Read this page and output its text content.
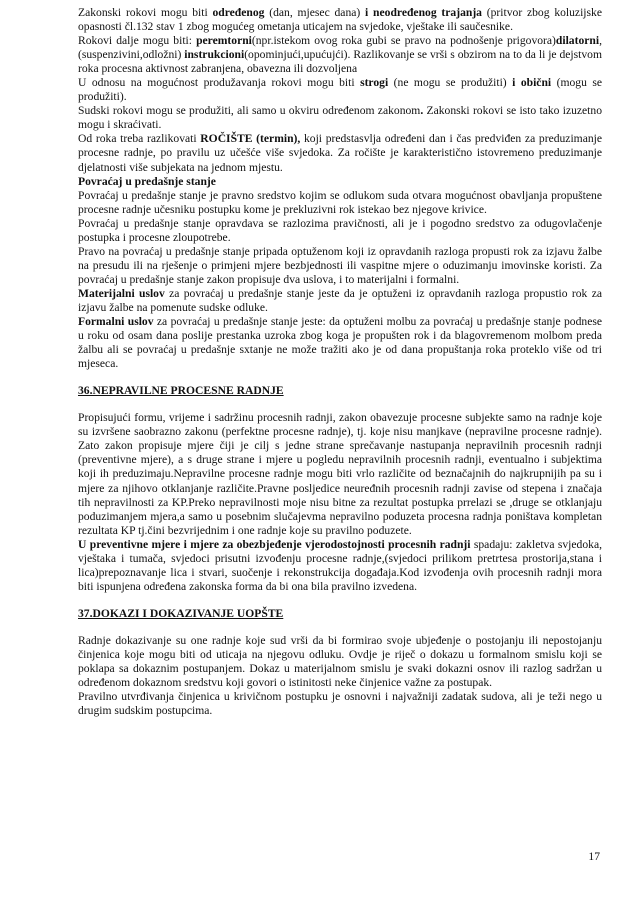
Zakonski rokovi mogu biti određenog (dan, mjesec dana) i neodređenog trajanja (pritvor zbog koluzijske opasnosti čl.132 stav 1 zbog mogućeg ometanja uticajem na svjedoke, vještake ili saučesnike.

Rokovi dalje mogu biti: peremtorni(npr.istekom ovog roka gubi se pravo na podnošenje prigovora)dilatorni,(suspenzivini,odložni) instrukcioni(opominjući,upućujći). Razlikovanje se vrši s obzirom na to da li je dejstvom roka procesna aktivnost zabranjena, obavezna ili dozvoljena

U odnosu na mogućnost produžavanja rokovi mogu biti strogi (ne mogu se produžiti) i obični (mogu se produžiti).

Sudski rokovi mogu se produžiti, ali samo u okviru određenom zakonom. Zakonski rokovi se isto tako izuzetno mogu i skraćivati.

Od roka treba razlikovati ROČIŠTE (termin), koji predstasvlja određeni dan i čas predviđen za preduzimanje procesne radnje, po pravilu uz učešće više svjedoka. Za ročište je karakteristično istovremeno preduzimanje djelatnosti više subjekata na jednom mjestu.

Povraćaj u predašnje stanje

Povraćaj u predašnje stanje je pravno sredstvo kojim se odlukom suda otvara mogućnost obavljanja propuštene procesne radnje učesniku postupku kome je prekluzivni rok istekao bez njegove krivice.

Povraćaj u predašnje stanje opravdava se razlozima pravičnosti, ali je i pogodno sredstvo za odugovlačenje postupka i procesne zloupotrebe.

Pravo na povraćaj u predašnje stanje pripada optuženom koji iz opravdanih razloga propusti rok za izjavu žalbe na presudu ili na rješenje o primjeni mjere bezbjednosti ili vaspitne mjere o oduzimanju imovinske koristi. Za povraćaj u predašnje stanje zakon propisuje dva uslova, i to materijalni i formalni.

Materijalni uslov za povraćaj u predašnje stanje jeste da je optuženi iz opravdanih razloga propustio rok za izjavu žalbe na pomenute sudske odluke.

Formalni uslov za povraćaj u predašnje stanje jeste: da optuženi molbu za povraćaj u predašnje stanje podnese u roku od osam dana poslije prestanka uzroka zbog koga je propušten rok i da blagovremenom molbom preda žalbu ali se povraćaj u predašnje sxtanje ne može tražiti ako je od dana propuštanja roka proteklo više od tri mjeseca.

36.NEPRAVILNE PROCESNE RADNJE

Propisujući formu, vrijeme i sadržinu procesnih radnji, zakon obavezuje procesne subjekte samo na radnje koje su izvršene saobrazno zakonu (perfektne procesne radnje), tj. koje nisu manjkave (nepravilne procesne radnje). Zato zakon propisuje mjere čiji je cilj s jedne strane sprečavanje nastupanja nepravilnih procesnih radnji (preventivne mjere), a s druge strane i mjere u pogledu nepravilnih procesnih radnji, eventualno i subjektima koji ih preduzimaju.Nepravilne procesne radnje mogu biti vrlo različite od beznačajnih do najkrupnijih pa su i mjere za njihovo otklanjanje različite.Pravne posljedice neuređnih procesnih radnji zavise od stepena i značaja tih nepravilnosti za KP.Preko nepravilnosti moje nisu bitne za rezultat postupka prrelazi se ,druge se otklanjaju poduzimanjem mjera,a samo u posebnim slučajevma nepravilno poduzeta procesna radnja poništava kompletan rezultata KP tj.čini bezvrijednim i one radnje koje su pravilno poduzete.

U preventivne mjere i mjere za obezbjeđenje vjerodostojnosti procesnih radnji spadaju: zakletva svjedoka, vještaka i tumača, svjedoci prisutni izvođenju procesne radnje,(svjedoci prilikom pretrtesa prostorija,stana i lica)prepoznavanje lica i stvari, suočenje i rekonstrukcija događaja.Kod izvođenja ovih procesnih radnji mora biti ispunjena određena zakonska forma da bi ona bila pravilno izvedena.

37.DOKAZI I DOKAZIVANJE UOPŠTE

Radnje dokazivanje su one radnje koje sud vrši da bi formirao svoje ubjeđenje o postojanju ili nepostojanju činjenica koje mogu biti od uticaja na njegovu odluku. Ovdje je riječ o dokazu u formalnom smislu koji se poklapa sa dokaznim postupanjem. Dokaz u materijalnom smislu je svaki dokazni osnov ili razlog sadržan u određenom dokaznom sredstvu koji govori o istinitosti neke činjenice važne za postupak.

Pravilno utvrđivanja činjenica u krivičnom postupku je osnovni i najvažniji zadatak sudova, ali je teži nego u drugim sudskim postupcima.

17
